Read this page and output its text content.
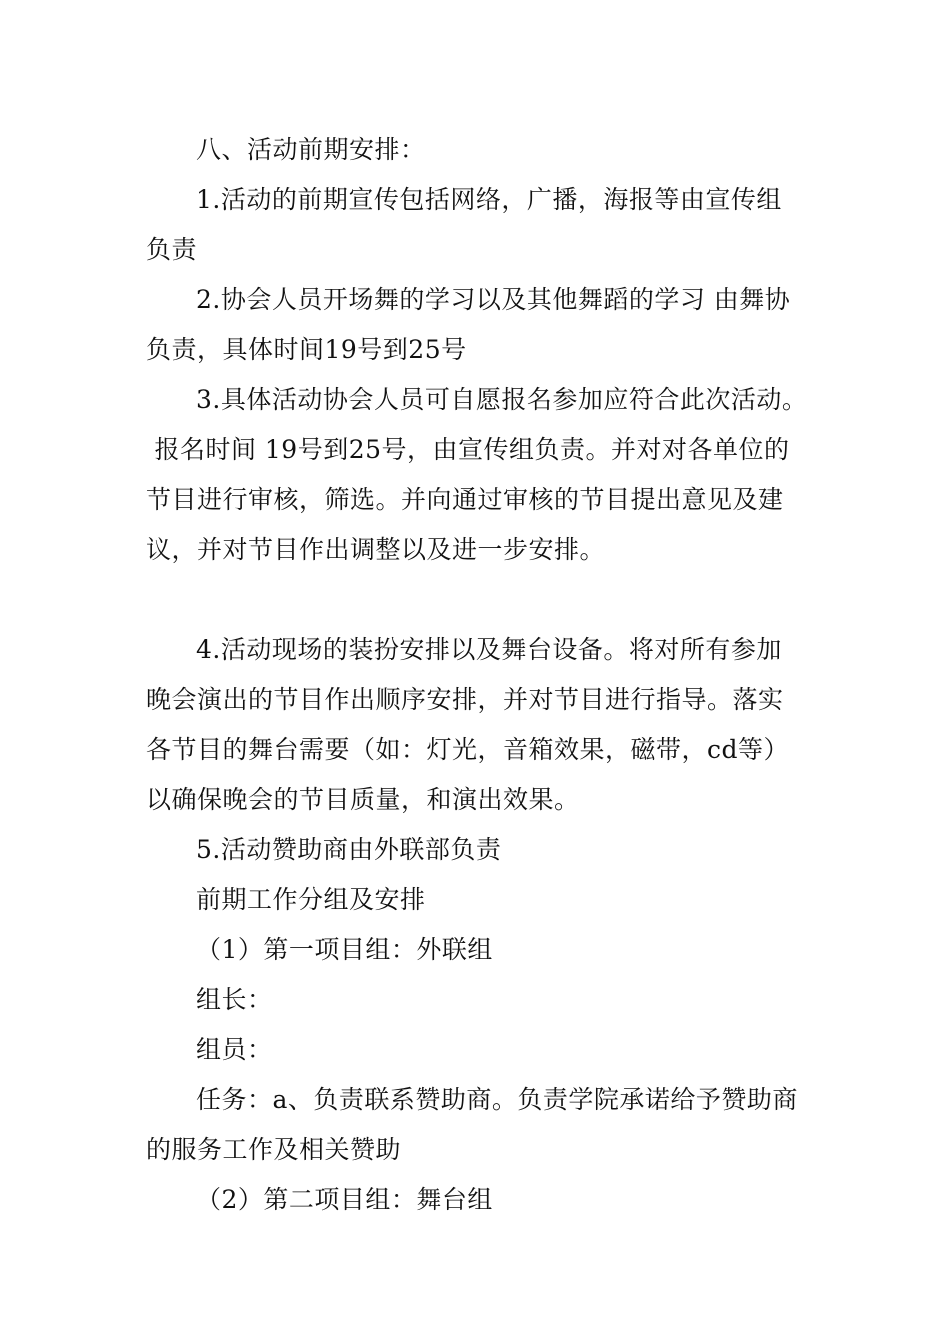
八、活动前期安排：
1.活动的前期宣传包括网络，广播，海报等由宣传组
负责
2.协会人员开场舞的学习以及其他舞蹈的学习 由舞协
负责，具体时间19号到25号
3.具体活动协会人员可自愿报名参加应符合此次活动。
报名时间 19号到25号，由宣传组负责。并对对各单位的
节目进行审核，筛选。并向通过审核的节目提出意见及建
议，并对节目作出调整以及进一步安排。
4.活动现场的装扮安排以及舞台设备。将对所有参加
晚会演出的节目作出顺序安排，并对节目进行指导。落实
各节目的舞台需要（如：灯光，音箱效果，磁带，cd等）
以确保晚会的节目质量，和演出效果。
5.活动赞助商由外联部负责
前期工作分组及安排
（1）第一项目组：外联组
组长：
组员：
任务：a、负责联系赞助商。负责学院承诺给予赞助商
的服务工作及相关赞助
（2）第二项目组：舞台组
